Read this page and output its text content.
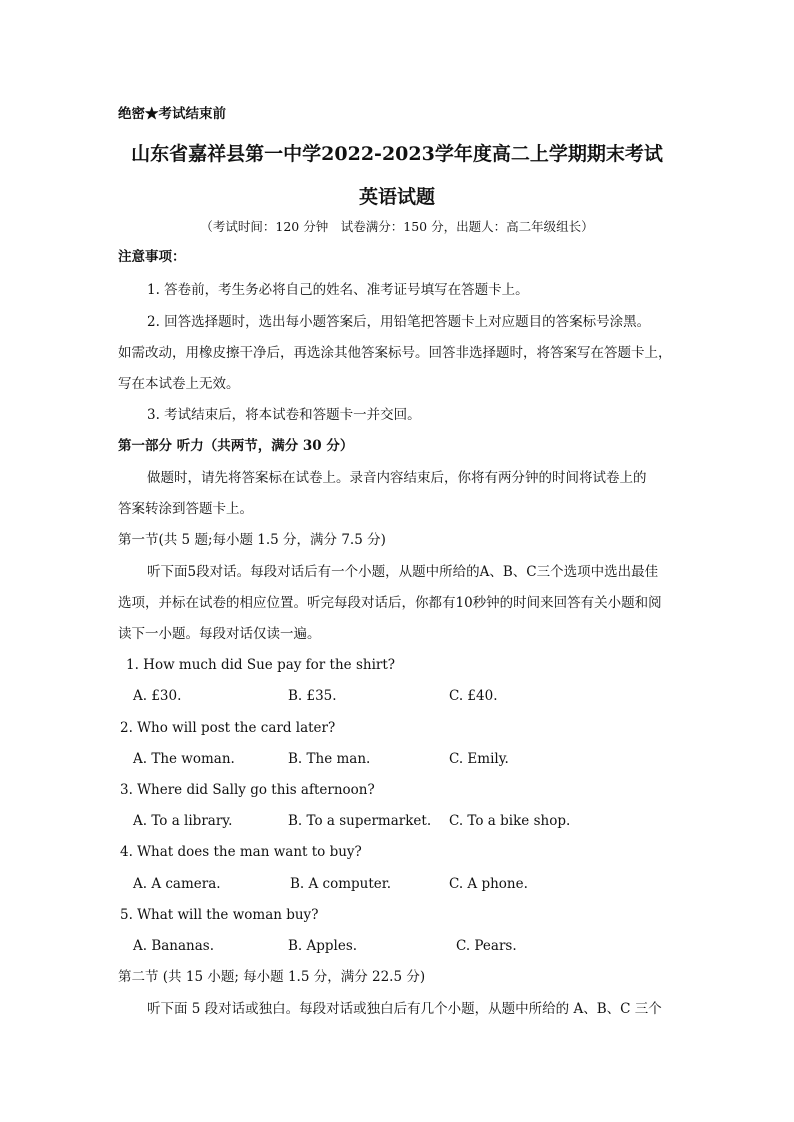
绝密★考试结束前
山东省嘉祥县第一中学2022-2023学年度高二上学期期末考试
英语试题
（考试时间：120 分钟　试卷满分：150 分，出题人：高二年级组长）
注意事项：
1. 答卷前，考生务必将自己的姓名、准考证号填写在答题卡上。
2. 回答选择题时，选出每小题答案后，用铅笔把答题卡上对应题目的答案标号涂黑。
如需改动，用橡皮擦干净后，再选涂其他答案标号。回答非选择题时，将答案写在答题卡上，
写在本试卷上无效。
3. 考试结束后，将本试卷和答题卡一并交回。
第一部分 听力（共两节，满分 30 分）
做题时，请先将答案标在试卷上。录音内容结束后，你将有两分钟的时间将试卷上的
答案转涂到答题卡上。
第一节(共 5 题;每小题 1.5 分，满分 7.5 分)
听下面5段对话。每段对话后有一个小题，从题中所给的A、B、C三个选项中选出最佳
选项，并标在试卷的相应位置。听完每段对话后，你都有10秒钟的时间来回答有关小题和阅
读下一小题。每段对话仅读一遍。
1. How much did Sue pay for the shirt?
A. £30.	B. £35.	C. £40.
2. Who will post the card later?
A. The woman.	B. The man.	C. Emily.
3. Where did Sally go this afternoon?
A. To a library.	B. To a supermarket. C. To a bike shop.
4. What does the man want to buy?
A. A camera.	B. A computer.	C. A phone.
5. What will the woman buy?
A. Bananas.	B. Apples.	C. Pears.
第二节 (共 15 小题; 每小题 1.5 分，满分 22.5 分)
听下面 5 段对话或独白。每段对话或独白后有几个小题，从题中所给的 A、B、C 三个
